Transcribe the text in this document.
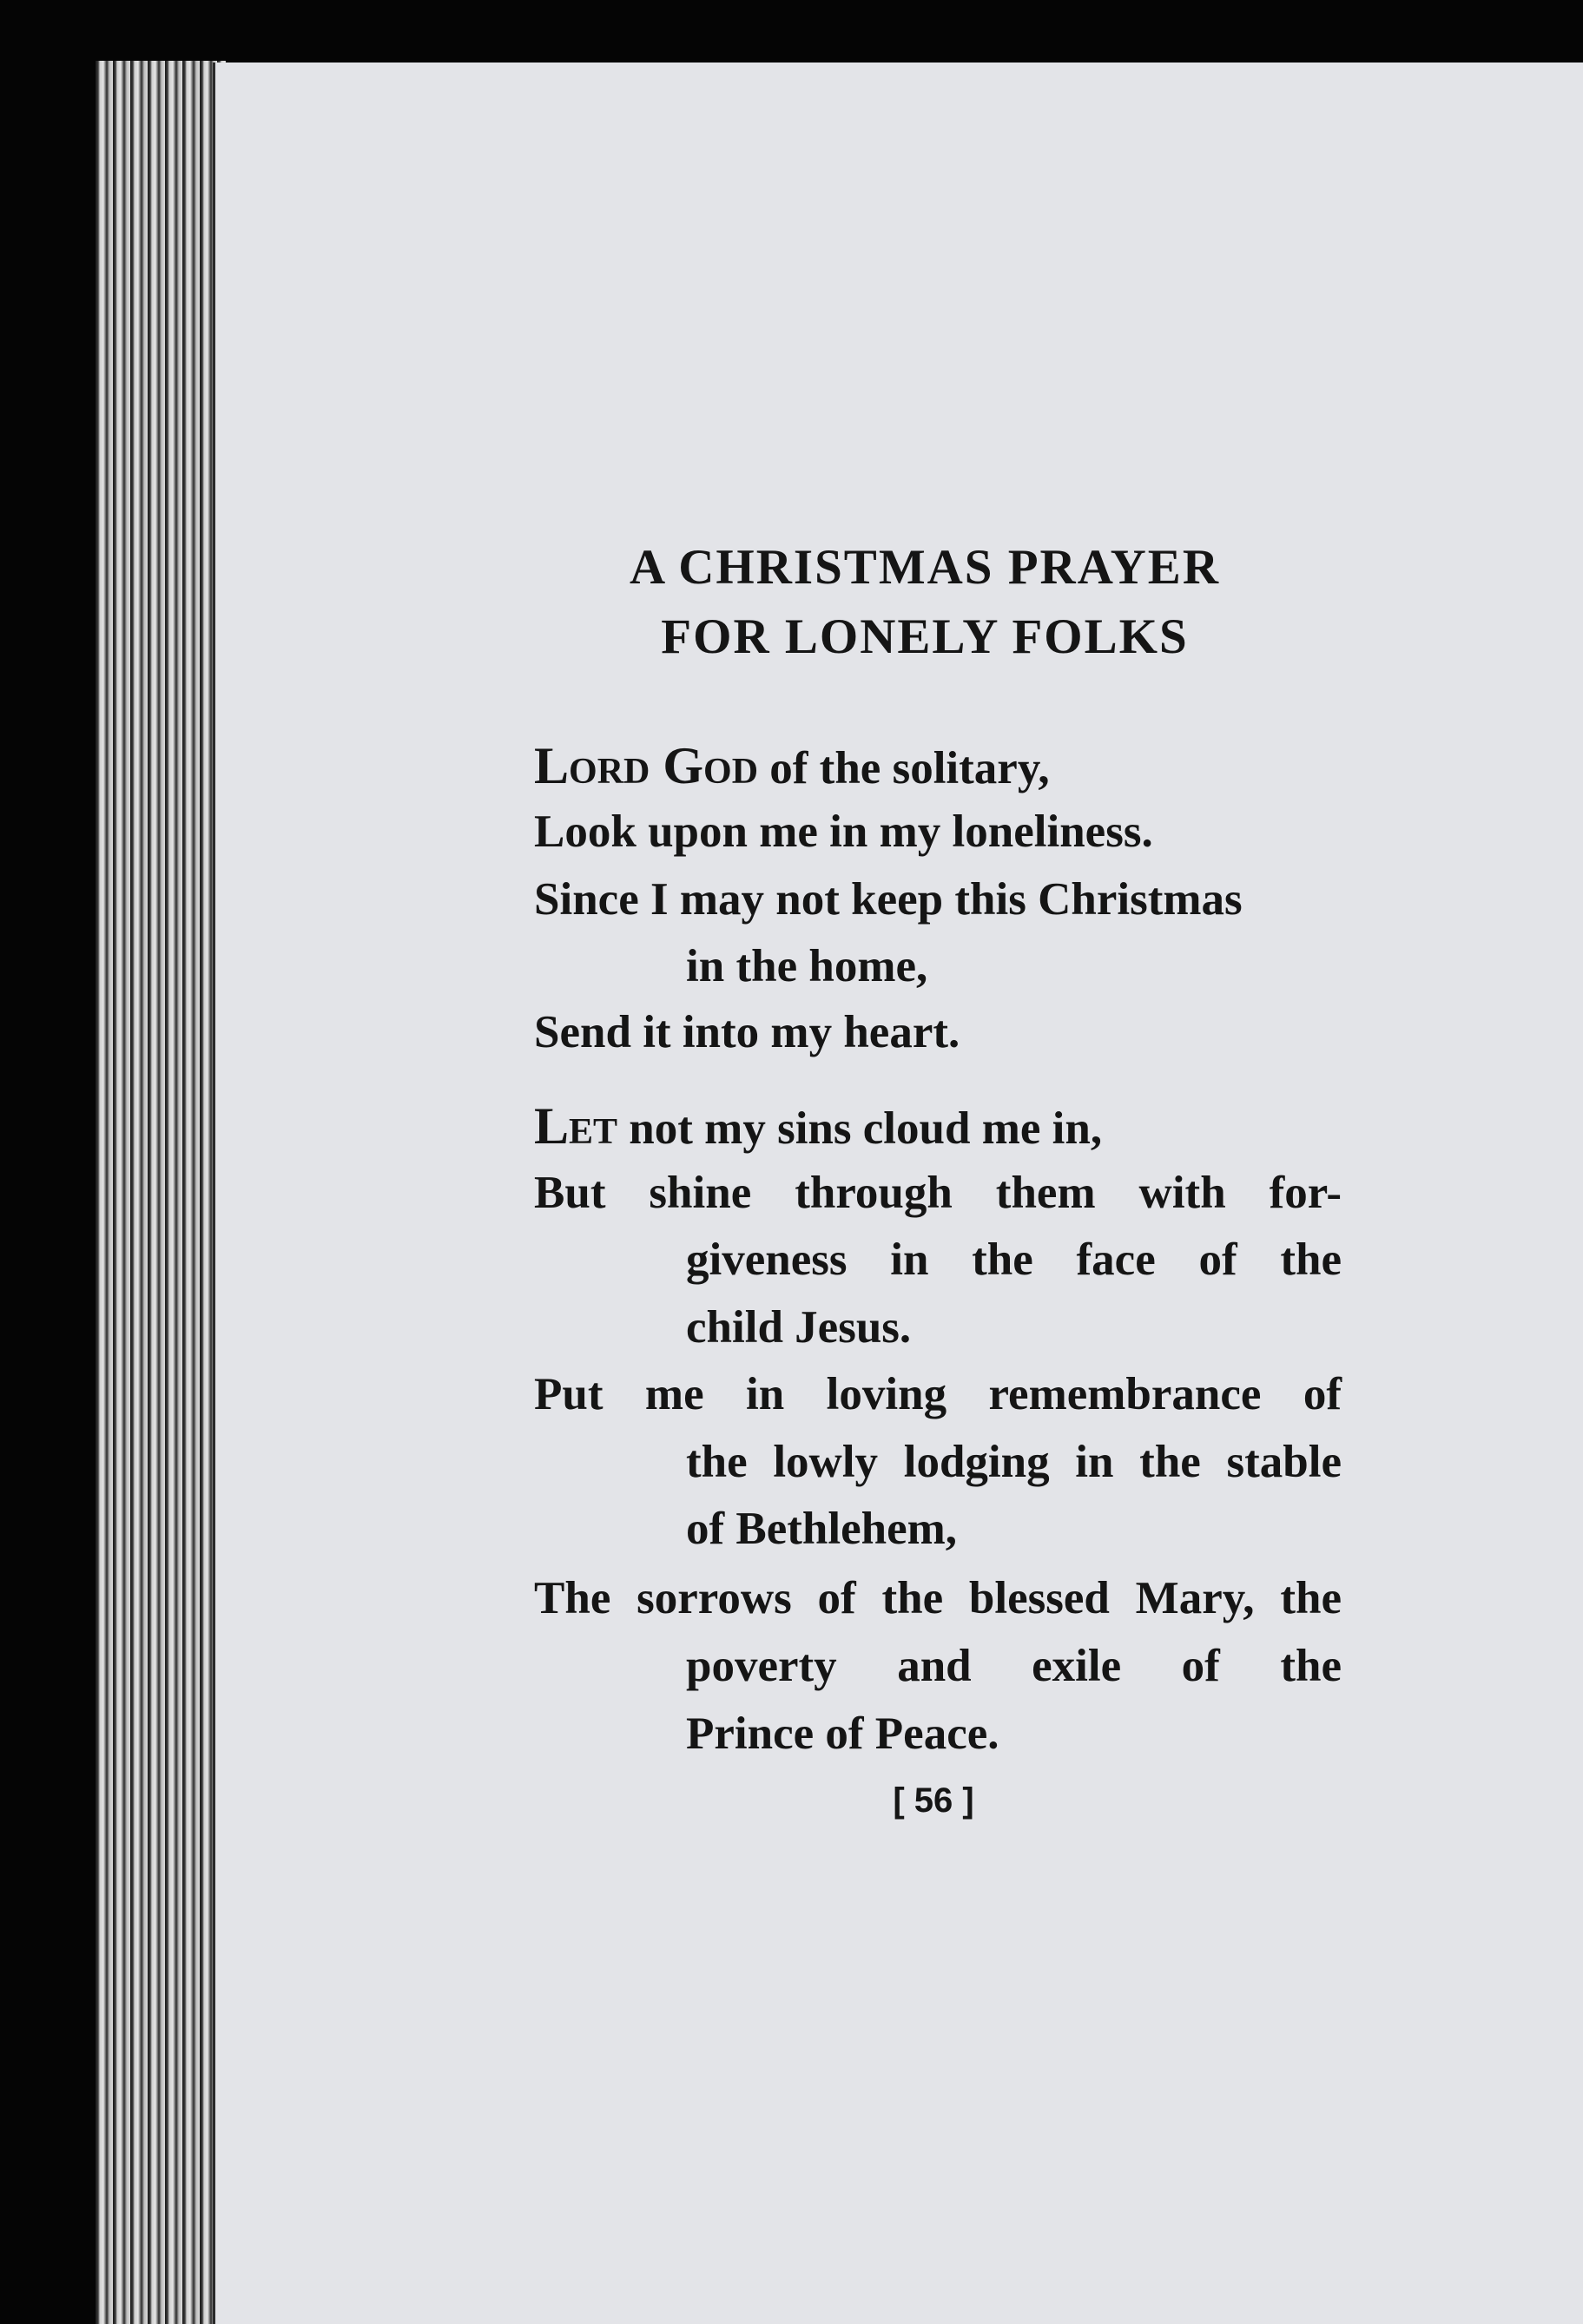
A CHRISTMAS PRAYER
FOR LONELY FOLKS
Lord God of the solitary,
Look upon me in my loneliness.
Since I may not keep this Christmas
in the home,
Send it into my heart.
Let not my sins cloud me in,
But shine through them with for-
giveness in the face of the
child Jesus.
Put me in loving remembrance of
the lowly lodging in the stable
of Bethlehem,
The sorrows of the blessed Mary, the
poverty and exile of the
Prince of Peace.
[ 56 ]
